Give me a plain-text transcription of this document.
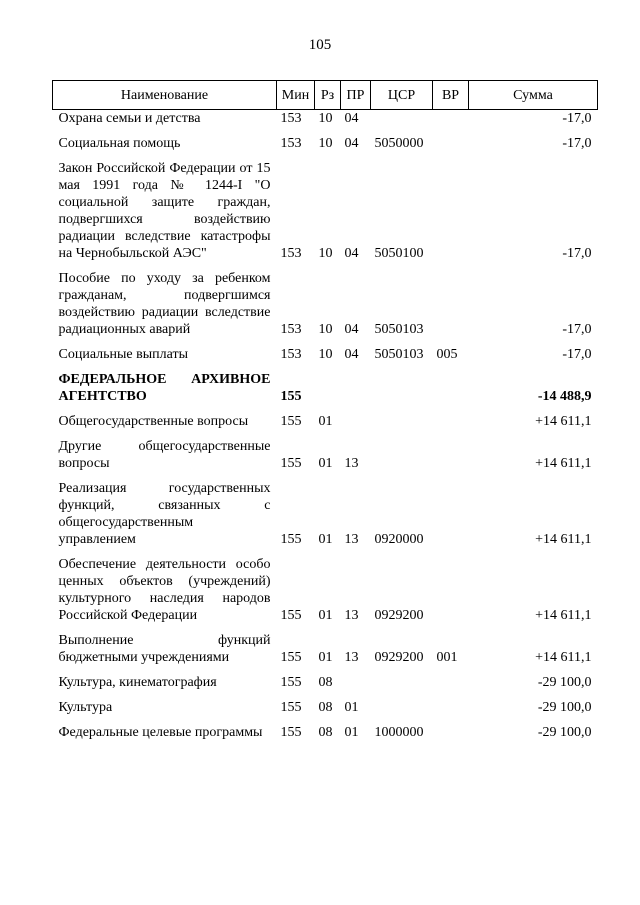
105
Наименование	Мин	Рз	ПР	ЦСР	ВР	Сумма
Охрана семьи и детства	153	10	04			-17,0
Социальная помощь	153	10	04	5050000		-17,0
Закон Российской Федерации от 15 мая 1991 года № 1244-I "О социальной защите граждан, подвергшихся воздействию радиации вследствие катастрофы на Чернобыльской АЭС"	153	10	04	5050100		-17,0
Пособие по уходу за ребенком гражданам, подвергшимся воздействию радиации вследствие радиационных аварий	153	10	04	5050103		-17,0
Социальные выплаты	153	10	04	5050103	005	-17,0
ФЕДЕРАЛЬНОЕ АРХИВНОЕ АГЕНТСТВО	155					-14 488,9
Общегосударственные вопросы	155	01				+14 611,1
Другие общегосударственные вопросы	155	01	13			+14 611,1
Реализация государственных функций, связанных с общегосударственным управлением	155	01	13	0920000		+14 611,1
Обеспечение деятельности особо ценных объектов (учреждений) культурного наследия народов Российской Федерации	155	01	13	0929200		+14 611,1
Выполнение функций бюджетными учреждениями	155	01	13	0929200	001	+14 611,1
Культура, кинематография	155	08				-29 100,0
Культура	155	08	01			-29 100,0
Федеральные целевые программы	155	08	01	1000000		-29 100,0
